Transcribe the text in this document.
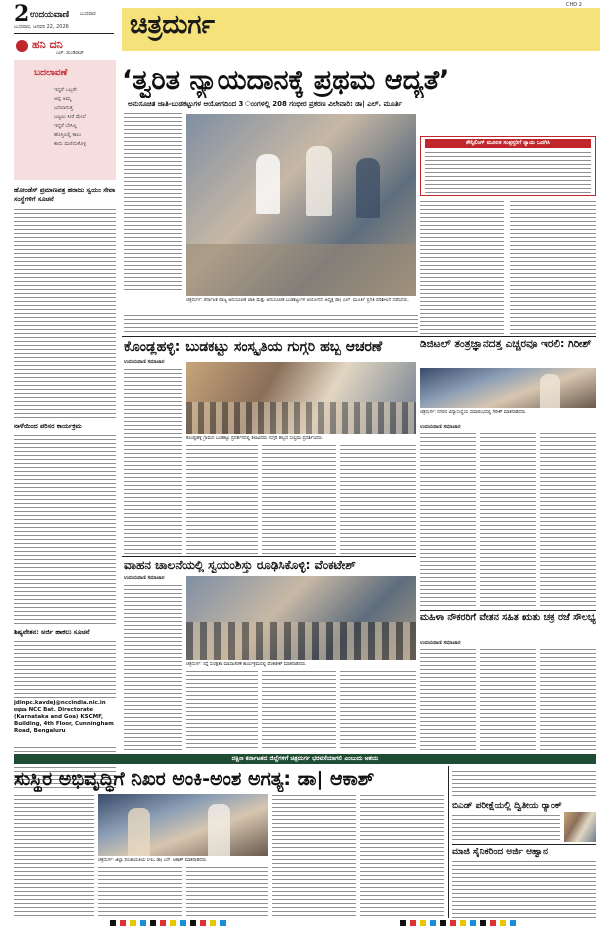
2 ಉದಯವಾಣಿ ಬುಧವಾರ
ಬುಧವಾರ, ಜನವರಿ 22, 2026 ಚಿತ್ರದುರ್ಗ
CHD 2
ಹನಿ ದನಿ
ಎಚ್. ಡುಂಡಿರಾಜ್
ಬದಲಾವಣೆ
ಇದ್ದರೆ ಒಬ್ಬರೇ
ಅಪ್ಪ ಅಮ್ಮ
ಬದಲಾಗುತ್ತ
ಬಟ್ಟಲು ಸೀರೆ ಮೇಲೆ
ಇದ್ದರೆ ಬೇಸಿಲ್ಲ
ಹೊಸ್ತಿಲಲ್ಲಿ ಕಾಲು
ಕಾದು ಮಣಿದುಕೊಳ್ಳ
ಹೋಂಡೆಸ್ ಪ್ರಮಾಣಪತ್ರ ಹರಾಜು ಸ್ವಯಂ ಸೇವಾ ಸಂಸ್ಥೆಗಳಿಗೆ ಸೂಚನೆ
ನಾಳೆಯಿಂದ ಪರಿಸರ ಕಾರ್ಯಕ್ರಮ
ಶಿಷ್ಯವೇತನ: ಅರ್ಜಿ ಹಾಕಲು ಸೂಚನೆ
jdinpc.kavdej@nccindia.nic.in ಅಥವಾ NCC Bat. Directorate (Karnataka and Goa) KSCMF, Building, 4th Floor, Cunningham Road, Bengaluru
‘ತ್ವರಿತ ನ್ಯಾಯದಾನಕ್ಕೆ ಪ್ರಥಮ ಆದ್ಯತೆ’
ಅನುಸೂಚಿತ ಜಾತಿ-ಬುಡಕಟ್ಟುಗಳ ಆಯೋಗದಿಂದ 3 ಂಂಗಳಲ್ಲಿ 208 ಗಂಭೀರ ಪ್ರಕರಣ ವಿಲೇವಾರಿ: ಡಾ| ಎಲ್. ಮೂರ್ತಿ
ಚಿತ್ರದುರ್ಗ: ಕರ್ನಾಟಕ ರಾಜ್ಯ ಅನುಸೂಚಿತ ಜಾತಿ ಮತ್ತು ಅನುಸೂಚಿತ ಬುಡಕಟ್ಟುಗಳ ಆಯೋಗದ ಅಧ್ಯಕ್ಷ ಡಾ| ಎಲ್. ಮೂರ್ತಿ ಪ್ರಗತಿ ಪರಿಶೀಲನೆ ನಡೆಸಿದರು.
ಕೌನ್ಸಿಲಿಂಗ್ ಮೂಲಕ ಸಂತ್ರಸ್ತರಿಗೆ ನ್ಯಾಯ ಒದಗಿಸಿ
ಕೊಂಡ್ಲಹಳ್ಳಿ: ಬುಡಕಟ್ಟು ಸಂಸ್ಕೃತಿಯ ಗುಗ್ಗರಿ ಹಬ್ಬ ಆಚರಣೆ
ಉದಯವಾಣಿ ಸಮಾಚಾರ
ಕೊಂಡ್ಲಹಳ್ಳಿ ಗ್ರಾಮದ ಬುಡಕಟ್ಟು ಪ್ರದರ್ಶನದಲ್ಲಿ ಕಲಾವಿದರು ಗುಗ್ಗರಿ ಹಬ್ಬದ ಸಂಭ್ರಮ ಪ್ರದರ್ಶಿಸಿದರು.
ಡಿಜಿಟಲ್ ತಂತ್ರಜ್ಞಾನದತ್ತ ಎಚ್ಚರವೂ ಇರಲಿ: ಗಿರೀಶ್
ಚಿತ್ರದುರ್ಗ: ನಗರದ ವಿದ್ಯಾಸಂಸ್ಥೆಯ ಸಮಾರಂಭದಲ್ಲಿ ಗಿರೀಶ್ ಮಾತನಾಡಿದರು.
ಉದಯವಾಣಿ ಸಮಾಚಾರ
ವಾಹನ ಚಾಲನೆಯಲ್ಲಿ ಸ್ವಯಂಶಿಸ್ತು ರೂಢಿಸಿಕೊಳ್ಳಿ: ವೆಂಕಟೇಶ್
ಉದಯವಾಣಿ ಸಮಾಚಾರ
ಚಿತ್ರದುರ್ಗ: ರಸ್ತೆ ಸುರಕ್ಷತಾ ಮಾಸಾಚರಣೆ ಕಾರ್ಯಕ್ರಮದಲ್ಲಿ ವೆಂಕಟೇಶ್ ಮಾತನಾಡಿದರು.
ಮಹಿಳಾ ನೌಕರರಿಗೆ ವೇತನ ಸಹಿತ ಋತು ಚಕ್ರ ರಜೆ ಸೌಲಭ್ಯ
ಉದಯವಾಣಿ ಸಮಾಚಾರ
ದಕ್ಷಿಣ ಕರ್ನಾಟಕದ ಜಿಲ್ಲೆಗಳಿಗೆ ಚಿತ್ರದುರ್ಗ ಭರವಸೆಯಾಗಲಿ ಎಂಬುದು ಆಶಯ
ಸುಸ್ಥಿರ ಅಭಿವೃದ್ಧಿಗೆ ನಿಖರ ಅಂಕಿ-ಅಂಶ ಅಗತ್ಯ: ಡಾ| ಆಕಾಶ್
ಚಿತ್ರದುರ್ಗ: ಜಿಲ್ಲಾ ಪಂಚಾಯತಿಯ ಸಿಇಒ ಡಾ| ಎಸ್. ಆಕಾಶ್ ಮಾತನಾಡಿದರು.
ಬಿಎಡ್ ಪರೀಕ್ಷೆಯಲ್ಲಿ ದ್ವಿತೀಯ ರ್‍ಯಾಂಕ್
ಮಾಜಿ ಸೈನಿಕರಿಂದ ಅರ್ಜಿ ಆಹ್ವಾನ
